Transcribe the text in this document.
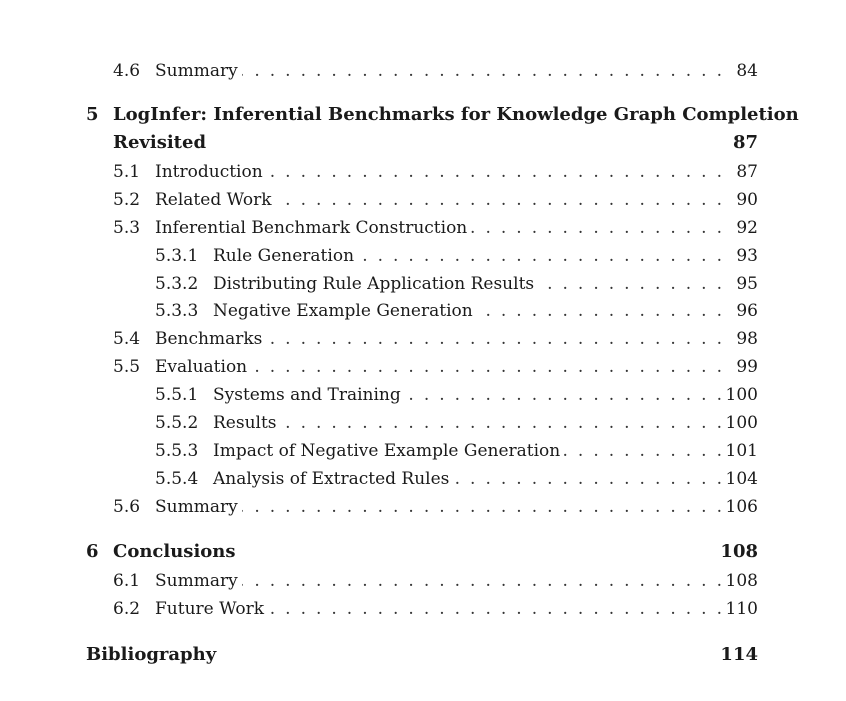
4.6 Summary . . .	84
5 LogInfer: Inferential Benchmarks for Knowledge Graph Completion
Revisited	87
5.1 Introduction . . .	87
5.2 Related Work . . .	90
5.3 Inferential Benchmark Construction . . .	92
5.3.1 Rule Generation . . .	93
5.3.2 Distributing Rule Application Results . . .	95
5.3.3 Negative Example Generation . . .	96
5.4 Benchmarks . . .	98
5.5 Evaluation . . .	99
5.5.1 Systems and Training . . .	100
5.5.2 Results . . .	100
5.5.3 Impact of Negative Example Generation . . .	101
5.5.4 Analysis of Extracted Rules . . .	104
5.6 Summary . . .	106
6 Conclusions	108
6.1 Summary . . .	108
6.2 Future Work . . .	110
Bibliography	114
